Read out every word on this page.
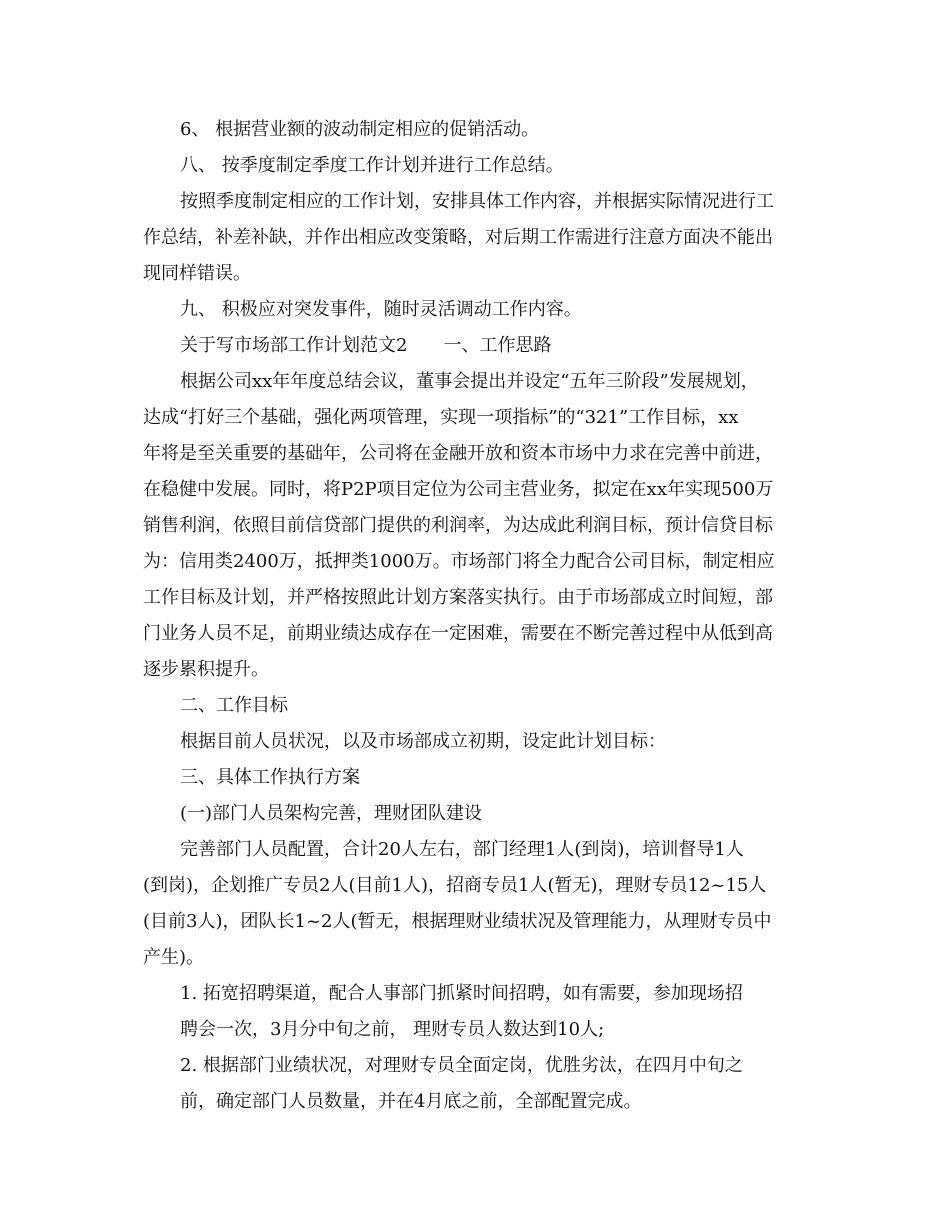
6、 根据营业额的波动制定相应的促销活动。

八、 按季度制定季度工作计划并进行工作总结。

按照季度制定相应的工作计划，安排具体工作内容，并根据实际情况进行工

作总结，补差补缺，并作出相应改变策略，对后期工作需进行注意方面决不能出

现同样错误。

九、 积极应对突发事件，随时灵活调动工作内容。

关于写市场部工作计划范文2　　一、工作思路

根据公司xx年年度总结会议，董事会提出并设定“五年三阶段”发展规划，

达成“打好三个基础，强化两项管理，实现一项指标”的“321”工作目标，xx

年将是至关重要的基础年，公司将在金融开放和资本市场中力求在完善中前进，

在稳健中发展。同时，将P2P项目定位为公司主营业务，拟定在xx年实现500万

销售利润，依照目前信贷部门提供的利润率，为达成此利润目标，预计信贷目标

为：信用类2400万，抵押类1000万。市场部门将全力配合公司目标，制定相应

工作目标及计划，并严格按照此计划方案落实执行。由于市场部成立时间短，部

门业务人员不足，前期业绩达成存在一定困难，需要在不断完善过程中从低到高

逐步累积提升。

二、工作目标

根据目前人员状况，以及市场部成立初期，设定此计划目标：

三、具体工作执行方案

(一)部门人员架构完善，理财团队建设

完善部门人员配置，合计20人左右，部门经理1人(到岗)，培训督导1人

(到岗)，企划推广专员2人(目前1人)，招商专员1人(暂无)，理财专员12~15人

(目前3人)，团队长1~2人(暂无，根据理财业绩状况及管理能力，从理财专员中

产生)。

1. 拓宽招聘渠道，配合人事部门抓紧时间招聘，如有需要，参加现场招

聘会一次，3月分中旬之前， 理财专员人数达到10人;

2. 根据部门业绩状况，对理财专员全面定岗，优胜劣汰，在四月中旬之

前，确定部门人员数量，并在4月底之前，全部配置完成。
